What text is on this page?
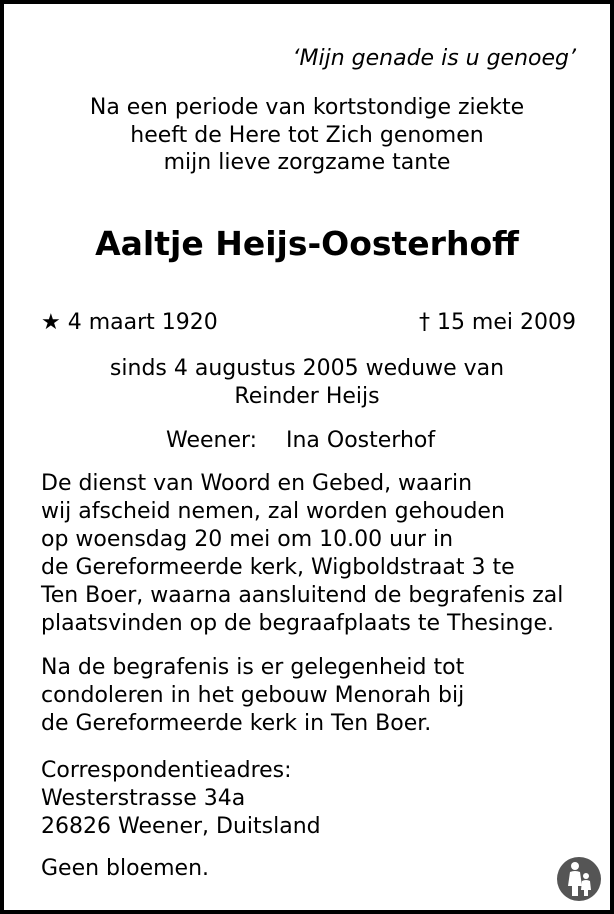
‘Mijn genade is u genoeg’
Na een periode van kortstondige ziekte
heeft de Here tot Zich genomen
mijn lieve zorgzame tante
Aaltje Heijs-Oosterhoff
★ 4 maart 1920	† 15 mei 2009
sinds 4 augustus 2005 weduwe van
Reinder Heijs
Weener: Ina Oosterhof
De dienst van Woord en Gebed, waarin
wij afscheid nemen, zal worden gehouden
op woensdag 20 mei om 10.00 uur in
de Gereformeerde kerk, Wigboldstraat 3 te
Ten Boer, waarna aansluitend de begrafenis zal
plaatsvinden op de begraafplaats te Thesinge.
Na de begrafenis is er gelegenheid tot
condoleren in het gebouw Menorah bij
de Gereformeerde kerk in Ten Boer.
Correspondentieadres:
Westerstrasse 34a
26826 Weener, Duitsland
Geen bloemen.
